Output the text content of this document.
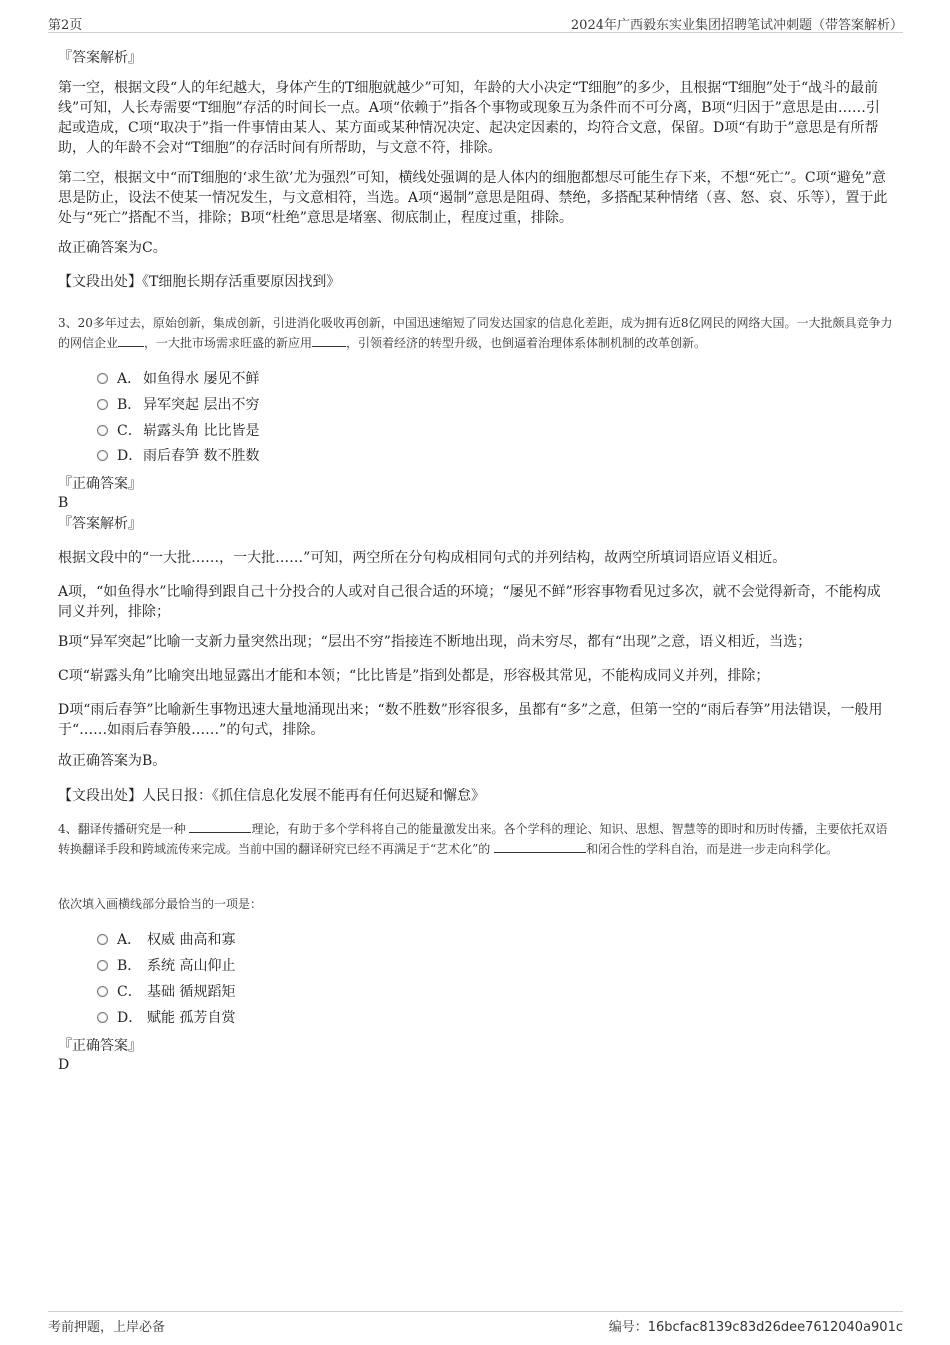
第2页	2024年广西毅东实业集团招聘笔试冲刺题（带答案解析）
『答案解析』

第一空，根据文段“人的年纪越大，身体产生的T细胞就越少”可知，年龄的大小决定“T细胞”的多少，且根据“T细胞”处于“战斗的最前线”可知，人长寿需要“T细胞”存活的时间长一点。A项“依赖于”指各个事物或现象互为条件而不可分离，B项“归因于”意思是由……引起或造成，C项“取决于”指一件事情由某人、某方面或某种情况决定、起决定因素的，均符合文意，保留。D项“有助于”意思是有所帮助，人的年龄不会对“T细胞”的存活时间有所帮助，与文意不符，排除。

第二空，根据文中“而T细胞的‘求生欲’尤为强烈”可知，横线处强调的是人体内的细胞都想尽可能生存下来，不想“死亡”。C项“避免”意思是防止，设法不使某一情况发生，与文意相符，当选。A项“遏制”意思是阻碍、禁绝，多搭配某种情绪（喜、怒、哀、乐等），置于此处与“死亡”搭配不当，排除；B项“杜绝”意思是堵塞、彻底制止，程度过重，排除。

故正确答案为C。

【文段出处】《T细胞长期存活重要原因找到》

3、20多年过去，原始创新，集成创新，引进消化吸收再创新，中国迅速缩短了同发达国家的信息化差距，成为拥有近8亿网民的网络大国。一大批颇具竞争力的网信企业 ，一大批市场需求旺盛的新应用	，引领着经济的转型升级，也倒逼着治理体系体制机制的改革创新。

A． 如鱼得水 屡见不鲜
B． 异军突起 层出不穷
C．崭露头角 比比皆是
D．雨后春笋 数不胜数
『正确答案』
B
『答案解析』

根据文段中的“一大批……，一大批……”可知，两空所在分句构成相同句式的并列结构，故两空所填词语应语义相近。

A项，“如鱼得水”比喻得到跟自己十分投合的人或对自己很合适的环境；“屡见不鲜”形容事物看见过多次，就不会觉得新奇，不能构成同义并列，排除；

B项“异军突起”比喻一支新力量突然出现；“层出不穷”指接连不断地出现，尚未穷尽，都有“出现”之意，语义相近，当选；

C项“崭露头角”比喻突出地显露出才能和本领；“比比皆是”指到处都是，形容极其常见，不能构成同义并列，排除；

D项“雨后春笋”比喻新生事物迅速大量地涌现出来；“数不胜数”形容很多，虽都有“多”之意，但第一空的“雨后春笋”用法错误，一般用于“……如雨后春笋般……”的句式，排除。

故正确答案为B。

【文段出处】人民日报：《抓住信息化发展不能再有任何迟疑和懈怠》

4、翻译传播研究是一种	理论，有助于多个学科将自己的能量激发出来。各个学科的理论、知识、思想、智慧等的即时和历时传播，主要依托双语转换翻译手段和跨域流传来完成。当前中国的翻译研究已经不再满足于“艺术化”的	和闭合性的学科自治，而是进一步走向科学化。

依次填入画横线部分最恰当的一项是：

A． 权威 曲高和寡
B． 系统 高山仰止
C． 基础 循规蹈矩
D． 赋能 孤芳自赏
『正确答案』
D
考前押题，上岸必备	编号：16bcfac8139c83d26dee7612040a901c
